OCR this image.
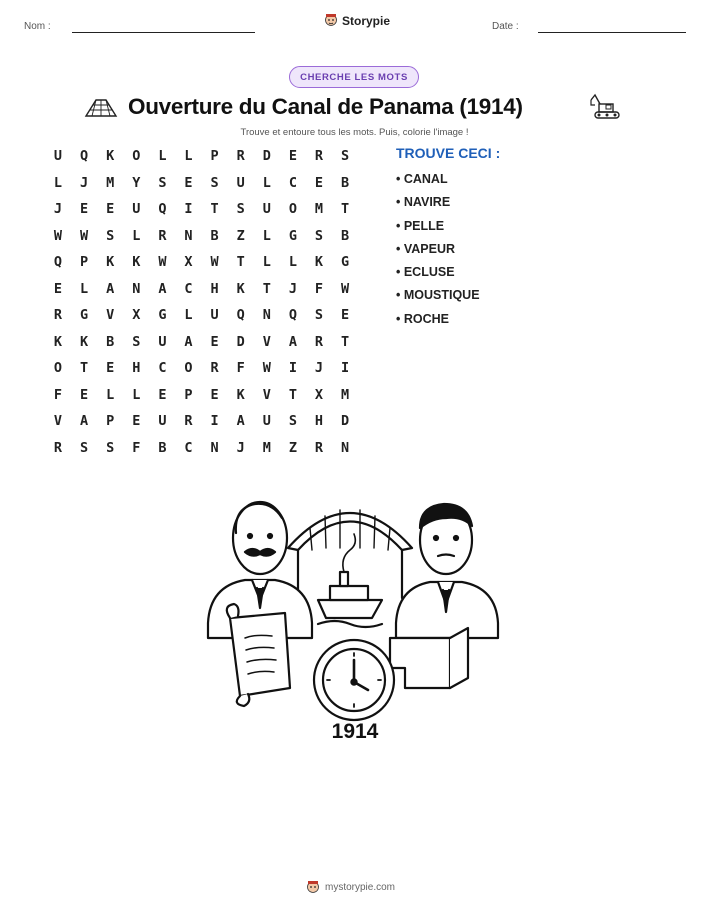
Nom :	Storypie	Date :
CHERCHE LES MOTS
Ouverture du Canal de Panama (1914)
Trouve et entoure tous les mots. Puis, colorie l'image !
U	Q	K	O	L	L	P	R	D	E	R	S
L	J	M	Y	S	E	S	U	L	C	E	B
J	E	E	U	Q	I	T	S	U	O	M	T
W	W	S	L	R	N	B	Z	L	G	S	B
Q	P	K	K	W	X	W	T	L	L	K	G
E	L	A	N	A	C	H	K	T	J	F	W
R	G	V	X	G	L	U	Q	N	Q	S	E
K	K	B	S	U	A	E	D	V	A	R	T
O	T	E	H	C	O	R	F	W	I	J	I
F	E	L	L	E	P	E	K	V	T	X	M
V	A	P	E	U	R	I	A	U	S	H	D
R	S	S	F	B	C	N	J	M	Z	R	N
TROUVE CECI :
• CANAL
• NAVIRE
• PELLE
• VAPEUR
• ECLUSE
• MOUSTIQUE
• ROCHE
1914
mystorypie.com
